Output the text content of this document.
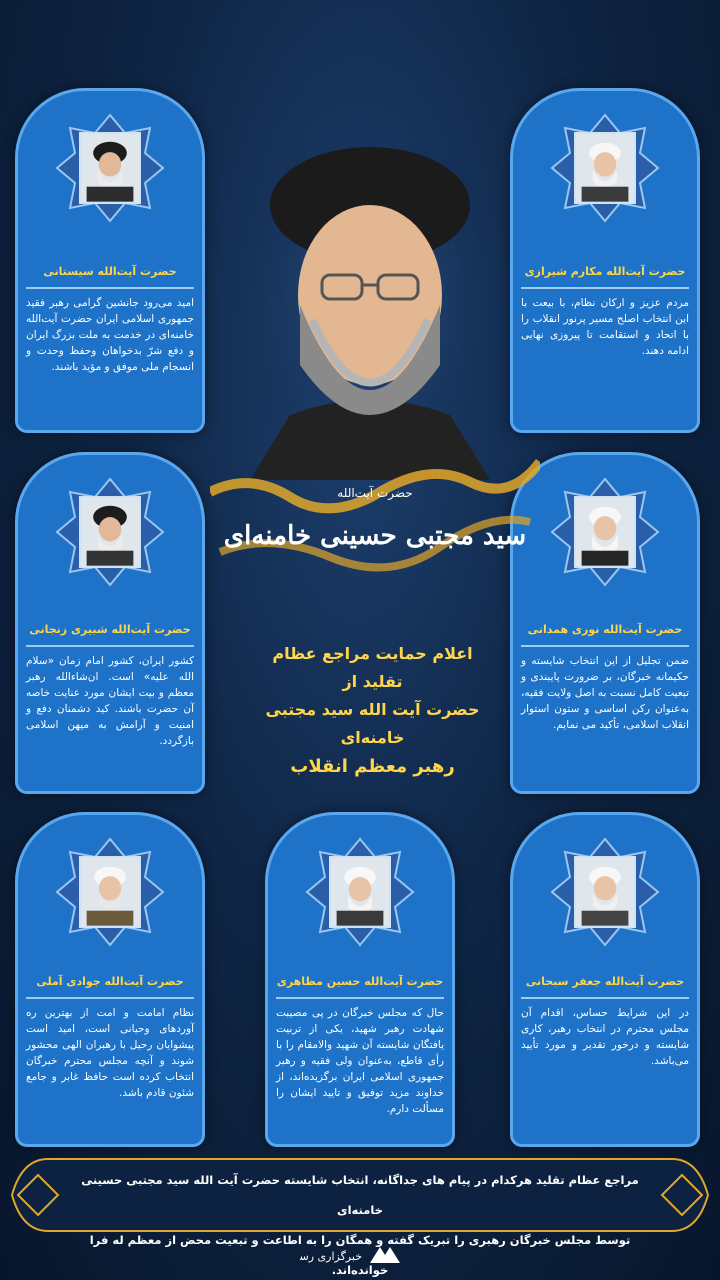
حضرت آیت‌الله مکارم شیرازی
مردم عزیز و ارکان نظام، با بیعت با این انتخاب اصلح مسیر پرنور انقلاب را با اتحاد و استقامت تا پیروزی نهایی ادامه دهند.
حضرت آیت‌الله سیستانی
امید می‌رود جانشین گرامی رهبر فقید جمهوری اسلامی ایران حضرت آیت‌الله خامنه‌ای در خدمت به ملت بزرگ ایران و دفع شرّ بدخواهان وحفظ وحدت و انسجام ملی موفق و مؤید باشند.
حضرت آیت‌الله نوری همدانی
ضمن تجلیل از این انتخاب شایسته و حکیمانه خبرگان، بر ضرورت پایبندی و تبعیت کامل نسبت به اصل ولایت فقیه، به‌عنوان رکن اساسی و ستون استوار انقلاب اسلامی، تأکید می نمایم.
حضرت آیت‌الله شبیری زنجانی
کشور ایران، کشور امام زمان «سلام الله علیه» است. ان‌شاءالله رهبر معظم و بیت ایشان مورد عنایت خاصه آن حضرت باشند. کید دشمنان دفع و امنیت و آرامش به میهن اسلامی بازگردد.
حضرت آیت‌الله جعفر سبحانی
در این شرایط حساس، اقدام آن مجلس محترم در انتخاب رهبر، کاری شایسته و درخور تقدیر و مورد تأیید می‌باشد.
حضرت آیت‌الله حسین مظاهری
حال که مجلس خبرگان در پی مصیبت شهادت رهبر شهید، یکی از تربیت یافتگان شایسته آن شهید والامقام را با رأی قاطع، به‌عنوان ولی فقیه و رهبر جمهوری اسلامی ایران برگزیده‌اند، از خداوند مزید توفیق و تایید ایشان را مسألت دارم.
حضرت آیت‌الله جوادی آملی
نظام امامت و امت از بهترین ره آوردهای وحیانی است، امید است پیشوایان رحیل با رهبران الهی محشور شوند و آنچه مجلس محترم خبرگان انتخاب کرده است حافظ غابر و جامع شئون قادم باشد.
حضرت آیت‌الله
سید مجتبی حسینی خامنه‌ای
اعلام حمایت مراجع عظام تقلید از
حضرت آیت الله سید مجتبی خامنه‌ای
رهبر معظم انقلاب
مراجع عظام تقلید هرکدام در پیام های جداگانه، انتخاب شایسته حضرت آیت الله سید مجتبی حسینی خامنه‌ای
توسط مجلس خبرگان رهبری را تبریک گفته و همگان را به اطاعت و تبعیت محض از معظم له فرا خوانده‌اند.
خبرگزاری رسا
